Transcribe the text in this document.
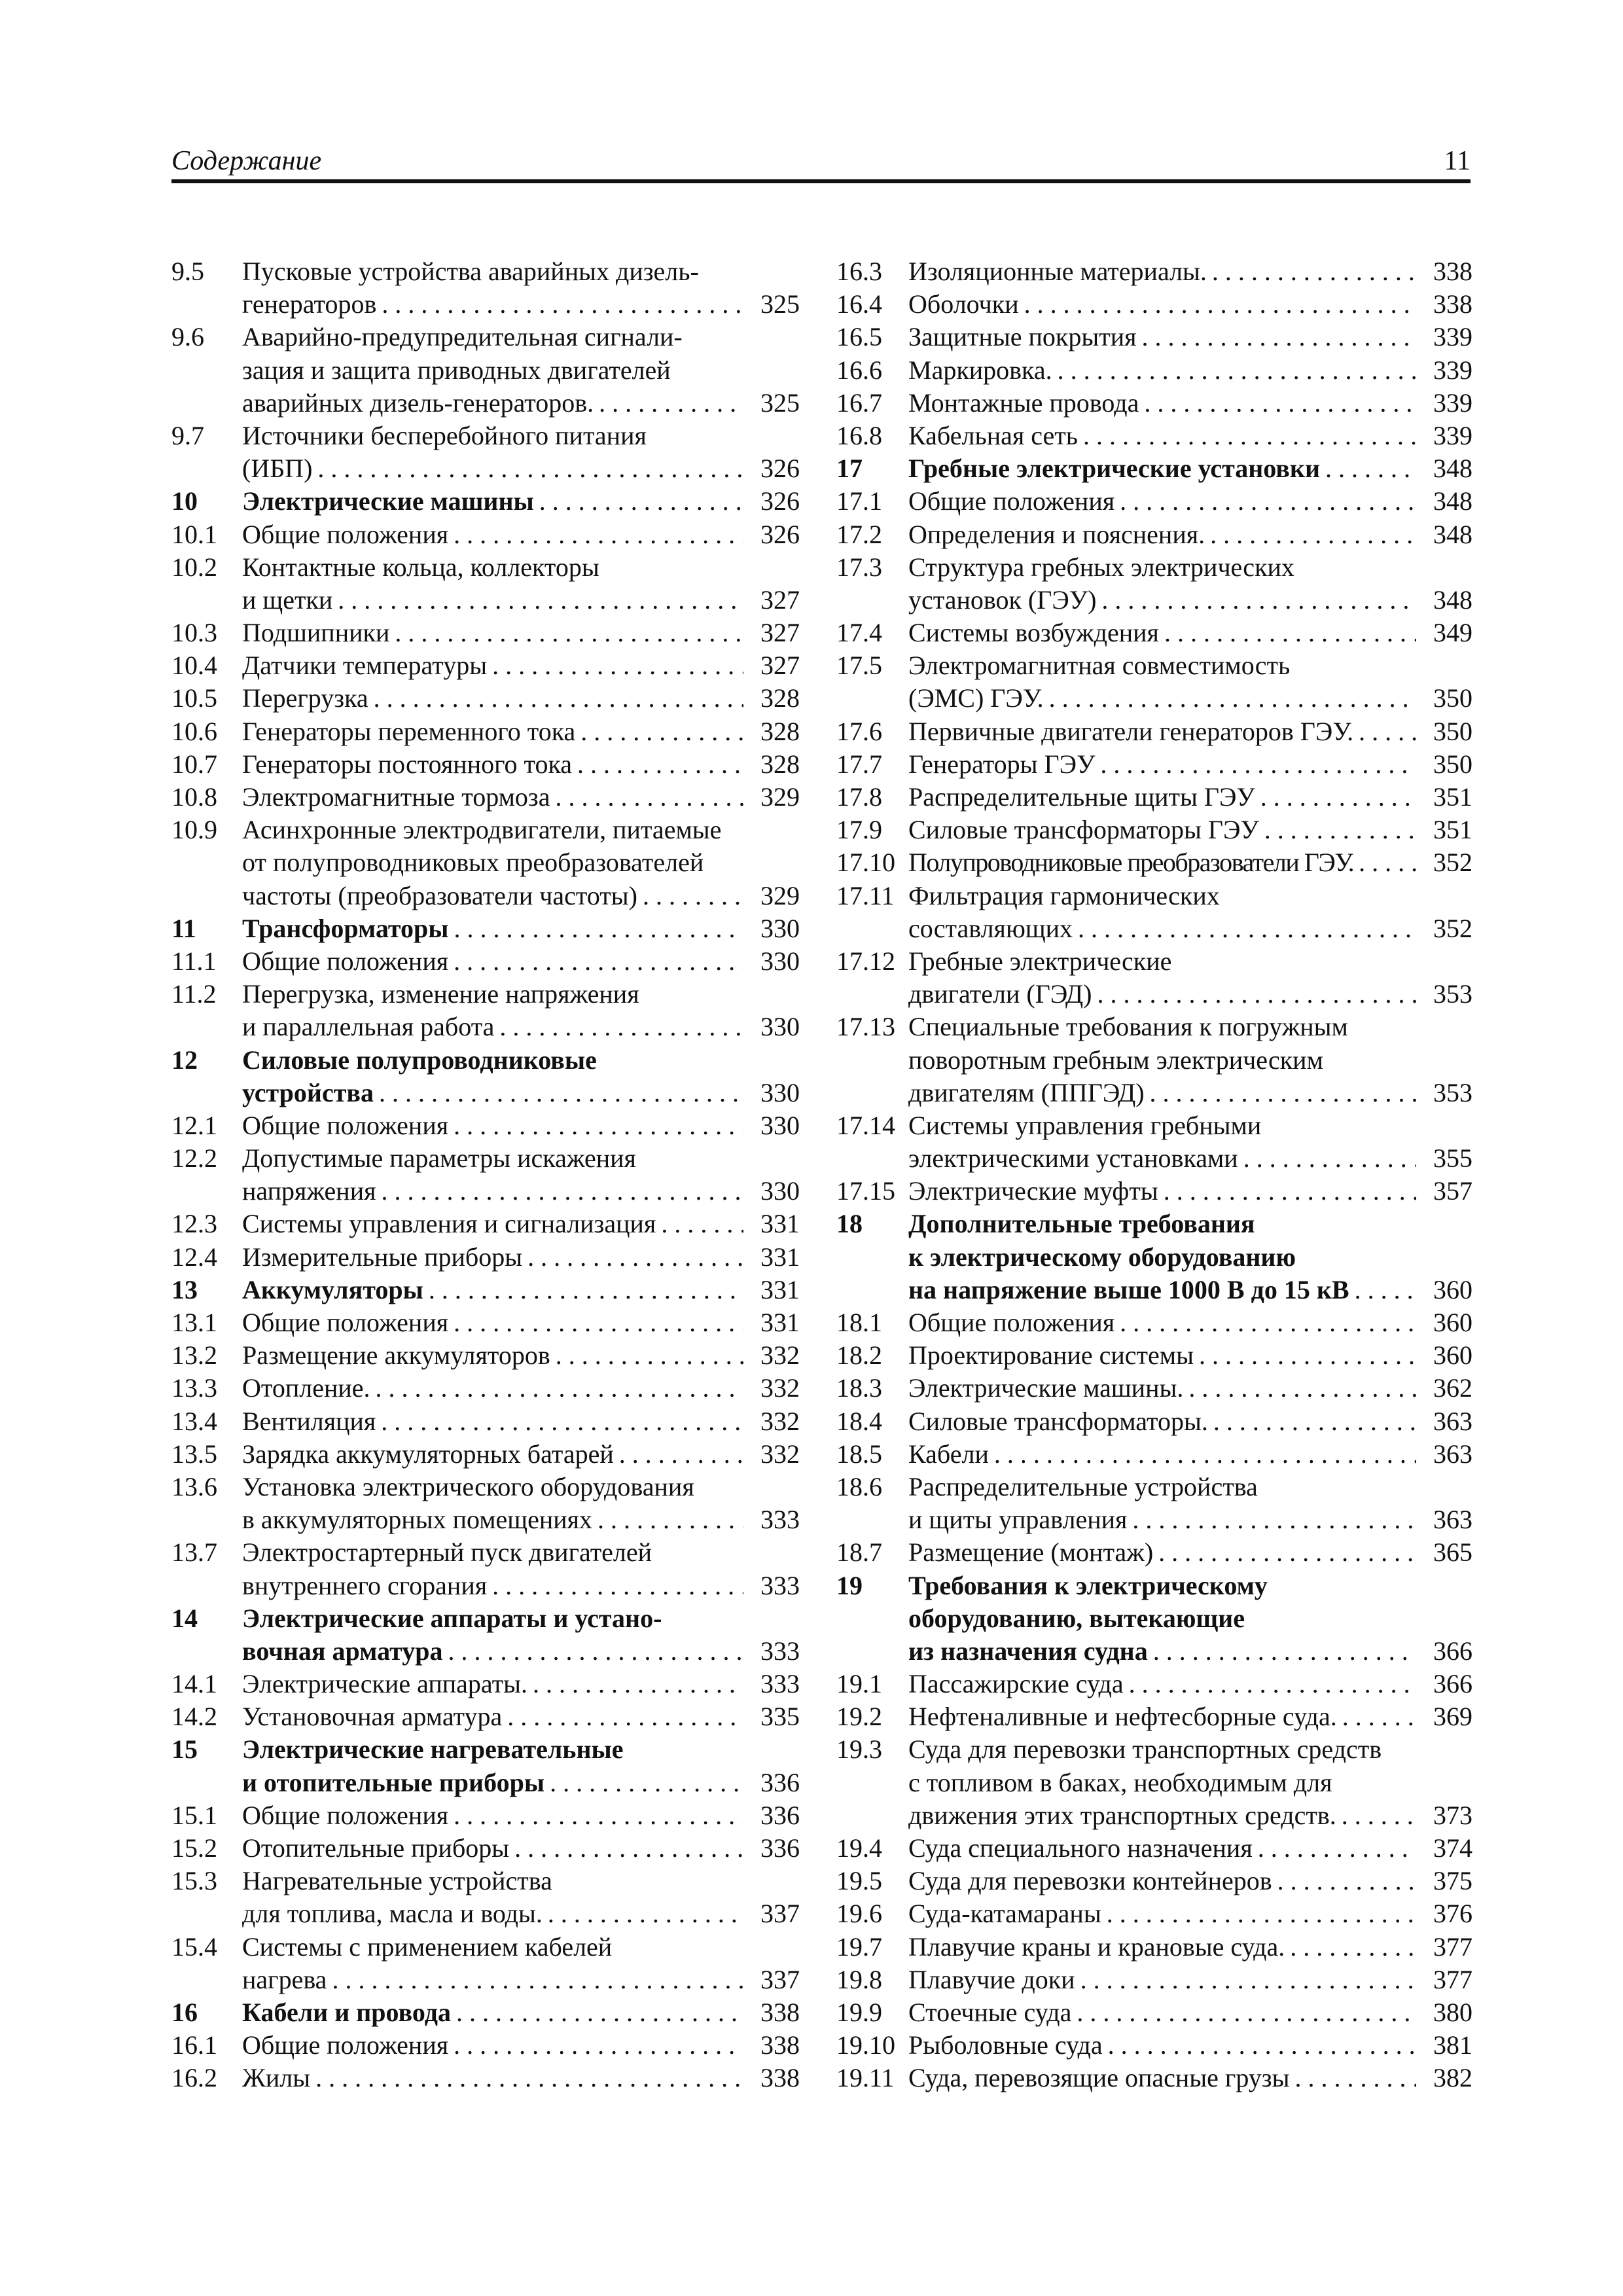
Содержание	11
9.5	Пусковые устройства аварийных дизель-
генераторов . . .	325
9.6	Аварийно-предупредительная сигнали-
зация и защита приводных двигателей
аварийных дизель-генераторов. . . .	325
9.7	Источники бесперебойного питания
(ИБП) . . .	326
10	Электрические машины . . .	326
10.1 Общие положения . . .	326
10.2 Контактные кольца, коллекторы
и щетки . . .	327
10.3 Подшипники . . .	327
10.4 Датчики температуры . . .	327
10.5 Перегрузка . . .	328
10.6 Генераторы переменного тока . . .	328
10.7 Генераторы постоянного тока . . .	328
10.8 Электромагнитные тормоза . . .	329
10.9 Асинхронные электродвигатели, питаемые
от полупроводниковых преобразователей
частоты (преобразователи частоты) . . .	329
11	Трансформаторы . . .	330
11.1 Общие положения . . .	330
11.2 Перегрузка, изменение напряжения
и параллельная работа . . .	330
12	Силовые полупроводниковые
устройства . . .	330
12.1 Общие положения . . .	330
12.2 Допустимые параметры искажения
напряжения . . .	330
12.3 Системы управления и сигнализация . . .	331
12.4 Измерительные приборы . . .	331
13	Аккумуляторы . . .	331
13.1 Общие положения . . .	331
13.2 Размещение аккумуляторов . . .	332
13.3 Отопление. . . .	332
13.4 Вентиляция . . .	332
13.5 Зарядка аккумуляторных батарей . . .	332
13.6 Установка электрического оборудования
в аккумуляторных помещениях . . .	333
13.7 Электростартерный пуск двигателей
внутреннего сгорания . . .	333
14	Электрические аппараты и устано-
вочная арматура . . .	333
14.1 Электрические аппараты. . . .	333
14.2 Установочная арматура . . .	335
15	Электрические нагревательные
и отопительные приборы . . .	336
15.1 Общие положения . . .	336
15.2 Отопительные приборы . . .	336
15.3 Нагревательные устройства
для топлива, масла и воды. . . .	337
15.4 Системы с применением кабелей
нагрева . . .	337
16	Кабели и провода . . .	338
16.1 Общие положения . . .	338
16.2 Жилы . . .	338
16.3	Изоляционные материалы. . . .	338
16.4	Оболочки . . .	338
16.5	Защитные покрытия . . .	339
16.6	Маркировка. . . .	339
16.7	Монтажные провода . . .	339
16.8	Кабельная сеть . . .	339
17	Гребные электрические установки . . .	348
17.1	Общие положения . . .	348
17.2	Определения и пояснения. . . .	348
17.3	Структура гребных электрических
установок (ГЭУ) . . .	348
17.4	Системы возбуждения . . .	349
17.5	Электромагнитная совместимость
(ЭМС) ГЭУ. . . .	350
17.6	Первичные двигатели генераторов ГЭУ. . . .	350
17.7	Генераторы ГЭУ . . .	350
17.8	Распределительные щиты ГЭУ . . .	351
17.9	Силовые трансформаторы ГЭУ . . .	351
17.10 Полупроводниковые преобразователи ГЭУ. . . .	352
17.11 Фильтрация гармонических
составляющих . . .	352
17.12 Гребные электрические
двигатели (ГЭД) . . .	353
17.13 Специальные требования к погружным
поворотным гребным электрическим
двигателям (ППГЭД) . . .	353
17.14 Системы управления гребными
электрическими установками . . .	355
17.15 Электрические муфты . . .	357
18	Дополнительные требования
к электрическому оборудованию
на напряжение выше 1000 В до 15 кВ . . .	360
18.1	Общие положения . . .	360
18.2	Проектирование системы . . .	360
18.3	Электрические машины. . . .	362
18.4	Силовые трансформаторы. . . .	363
18.5	Кабели . . .	363
18.6	Распределительные устройства
и щиты управления . . .	363
18.7	Размещение (монтаж) . . .	365
19	Требования к электрическому
оборудованию, вытекающие
из назначения судна . . .	366
19.1	Пассажирские суда . . .	366
19.2	Нефтеналивные и нефтесборные суда. . . .	369
19.3	Суда для перевозки транспортных средств
с топливом в баках, необходимым для
движения этих транспортных средств. . . .	373
19.4	Суда специального назначения . . .	374
19.5	Суда для перевозки контейнеров . . .	375
19.6	Суда-катамараны . . .	376
19.7	Плавучие краны и крановые суда. . . .	377
19.8	Плавучие доки . . .	377
19.9	Стоечные суда . . .	380
19.10 Рыболовные суда . . .	381
19.11 Суда, перевозящие опасные грузы . . .	382
